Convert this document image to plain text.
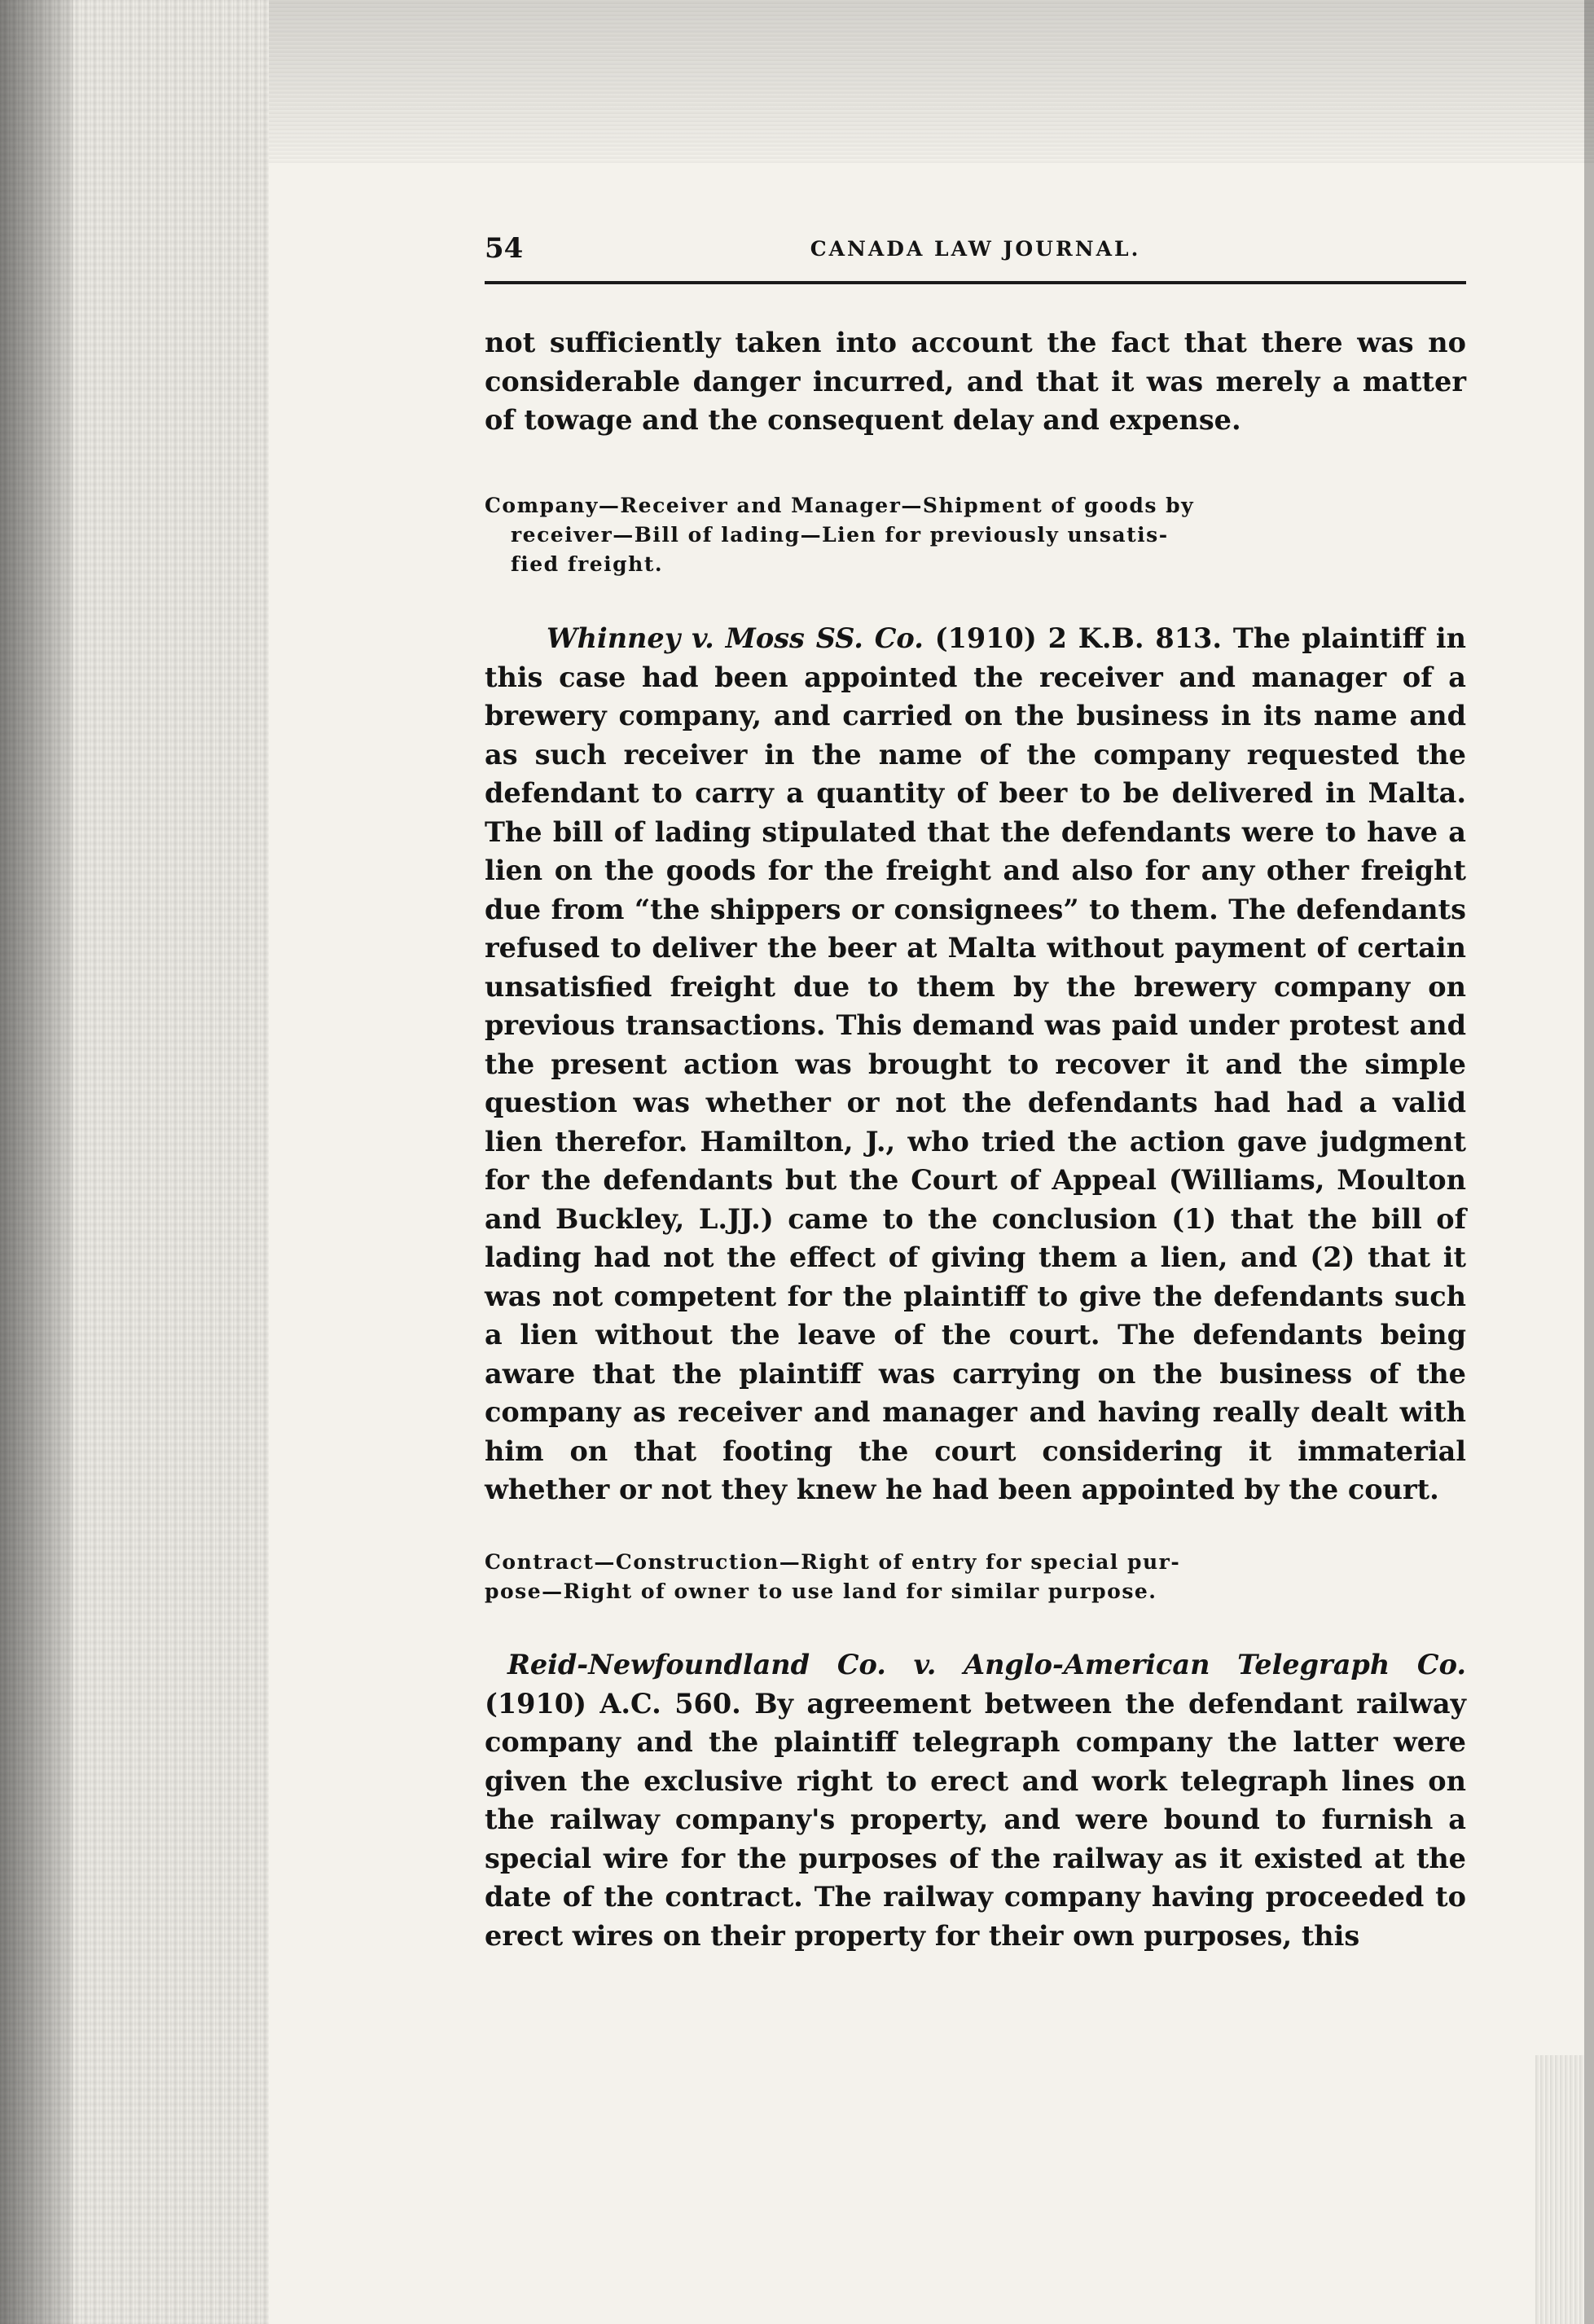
54	CANADA LAW JOURNAL.

not sufficiently taken into account the fact that there was no considerable danger incurred, and that it was merely a matter of towage and the consequent delay and expense.

Company—Receiver and Manager—Shipment of goods by
receiver—Bill of lading—Lien for previously unsatis-
fied freight.

Whinney v. Moss SS. Co. (1910) 2 K.B. 813. The plaintiff in this case had been appointed the receiver and manager of a brewery company, and carried on the business in its name and as such receiver in the name of the company requested the defendant to carry a quantity of beer to be delivered in Malta. The bill of lading stipulated that the defendants were to have a lien on the goods for the freight and also for any other freight due from “the shippers or consignees” to them. The defendants refused to deliver the beer at Malta without payment of certain unsatisfied freight due to them by the brewery company on previous transactions. This demand was paid under protest and the present action was brought to recover it and the simple question was whether or not the defendants had had a valid lien therefor. Hamilton, J., who tried the action gave judgment for the defendants but the Court of Appeal (Williams, Moulton and Buckley, L.JJ.) came to the conclusion (1) that the bill of lading had not the effect of giving them a lien, and (2) that it was not competent for the plaintiff to give the defendants such a lien without the leave of the court. The defendants being aware that the plaintiff was carrying on the business of the company as receiver and manager and having really dealt with him on that footing the court considering it immaterial whether or not they knew he had been appointed by the court.

Contract—Construction—Right of entry for special pur-
pose—Right of owner to use land for similar purpose.

Reid-Newfoundland Co. v. Anglo-American Telegraph Co. (1910) A.C. 560. By agreement between the defendant railway company and the plaintiff telegraph company the latter were given the exclusive right to erect and work telegraph lines on the railway company's property, and were bound to furnish a special wire for the purposes of the railway as it existed at the date of the contract. The railway company having proceeded to erect wires on their property for their own purposes, this
